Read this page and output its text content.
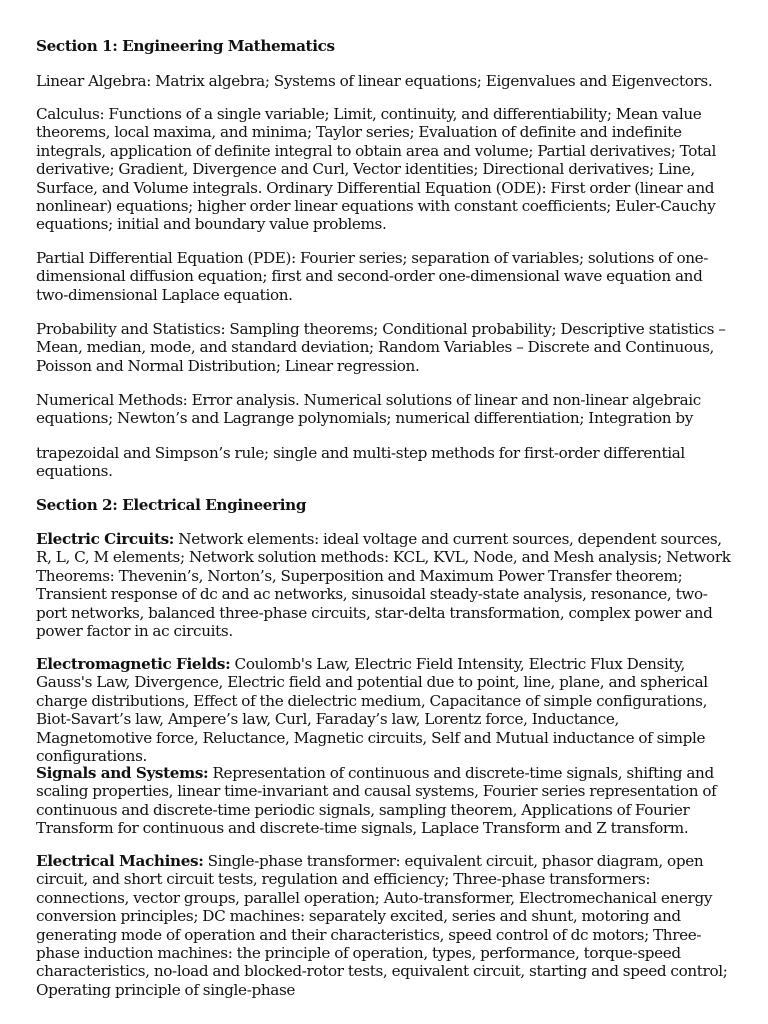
Section 1: Engineering Mathematics

Linear Algebra: Matrix algebra; Systems of linear equations; Eigenvalues and Eigenvectors.

Calculus: Functions of a single variable; Limit, continuity, and differentiability; Mean value theorems, local maxima, and minima; Taylor series; Evaluation of definite and indefinite integrals, application of definite integral to obtain area and volume; Partial derivatives; Total derivative; Gradient, Divergence and Curl, Vector identities; Directional derivatives; Line, Surface, and Volume integrals. Ordinary Differential Equation (ODE): First order (linear and nonlinear) equations; higher order linear equations with constant coefficients; Euler-Cauchy equations; initial and boundary value problems.

Partial Differential Equation (PDE): Fourier series; separation of variables; solutions of one-dimensional diffusion equation; first and second-order one-dimensional wave equation and two-dimensional Laplace equation.

Probability and Statistics: Sampling theorems; Conditional probability; Descriptive statistics – Mean, median, mode, and standard deviation; Random Variables – Discrete and Continuous, Poisson and Normal Distribution; Linear regression.

Numerical Methods: Error analysis. Numerical solutions of linear and non-linear algebraic equations; Newton’s and Lagrange polynomials; numerical differentiation; Integration by

trapezoidal and Simpson’s rule; single and multi-step methods for first-order differential equations.

Section 2: Electrical Engineering

Electric Circuits: Network elements: ideal voltage and current sources, dependent sources, R, L, C, M elements; Network solution methods: KCL, KVL, Node, and Mesh analysis; Network Theorems: Thevenin’s, Norton’s, Superposition and Maximum Power Transfer theorem; Transient response of dc and ac networks, sinusoidal steady-state analysis, resonance, two-port networks, balanced three-phase circuits, star-delta transformation, complex power and power factor in ac circuits.

Electromagnetic Fields: Coulomb's Law, Electric Field Intensity, Electric Flux Density, Gauss's Law, Divergence, Electric field and potential due to point, line, plane, and spherical charge distributions, Effect of the dielectric medium, Capacitance of simple configurations, Biot-Savart’s law, Ampere’s law, Curl, Faraday’s law, Lorentz force, Inductance, Magnetomotive force, Reluctance, Magnetic circuits, Self and Mutual inductance of simple configurations.

Signals and Systems: Representation of continuous and discrete-time signals, shifting and scaling properties, linear time-invariant and causal systems, Fourier series representation of continuous and discrete-time periodic signals, sampling theorem, Applications of Fourier Transform for continuous and discrete-time signals, Laplace Transform and Z transform.

Electrical Machines: Single-phase transformer: equivalent circuit, phasor diagram, open circuit, and short circuit tests, regulation and efficiency; Three-phase transformers: connections, vector groups, parallel operation; Auto-transformer, Electromechanical energy conversion principles; DC machines: separately excited, series and shunt, motoring and generating mode of operation and their characteristics, speed control of dc motors; Three-phase induction machines: the principle of operation, types, performance, torque-speed characteristics, no-load and blocked-rotor tests, equivalent circuit, starting and speed control; Operating principle of single-phase
